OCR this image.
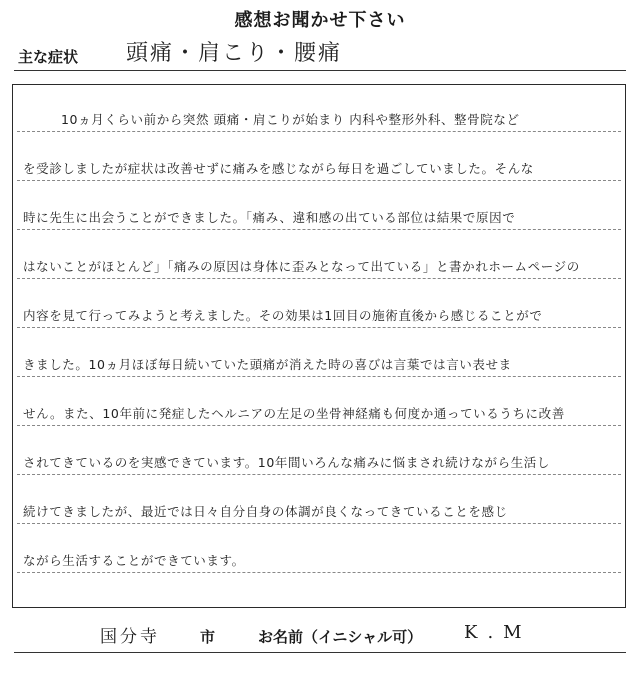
感想お聞かせ下さい
主な症状 頭痛・肩こり・腰痛
10ヵ月くらい前から突然 頭痛・肩こりが始まり 内科や整形外科、整骨院など
を受診しましたが症状は改善せずに痛みを感じながら毎日を過ごしていました。そんな
時に先生に出会うことができました。「痛み、違和感の出ている部位は結果で原因で
はないことがほとんど」「痛みの原因は身体に歪みとなって出ている」と書かれホームページの
内容を見て行ってみようと考えました。その効果は1回目の施術直後から感じることがで
きました。10ヵ月ほぼ毎日続いていた頭痛が消えた時の喜びは言葉では言い表せま
せん。また、10年前に発症したヘルニアの左足の坐骨神経痛も何度か通っているうちに改善
されてきているのを実感できています。10年間いろんな痛みに悩まされ続けながら生活し
続けてきましたが、最近では日々自分自身の体調が良くなってきていることを感じ
ながら生活することができています。
国分寺	市	お名前（イニシャル可） K.M
